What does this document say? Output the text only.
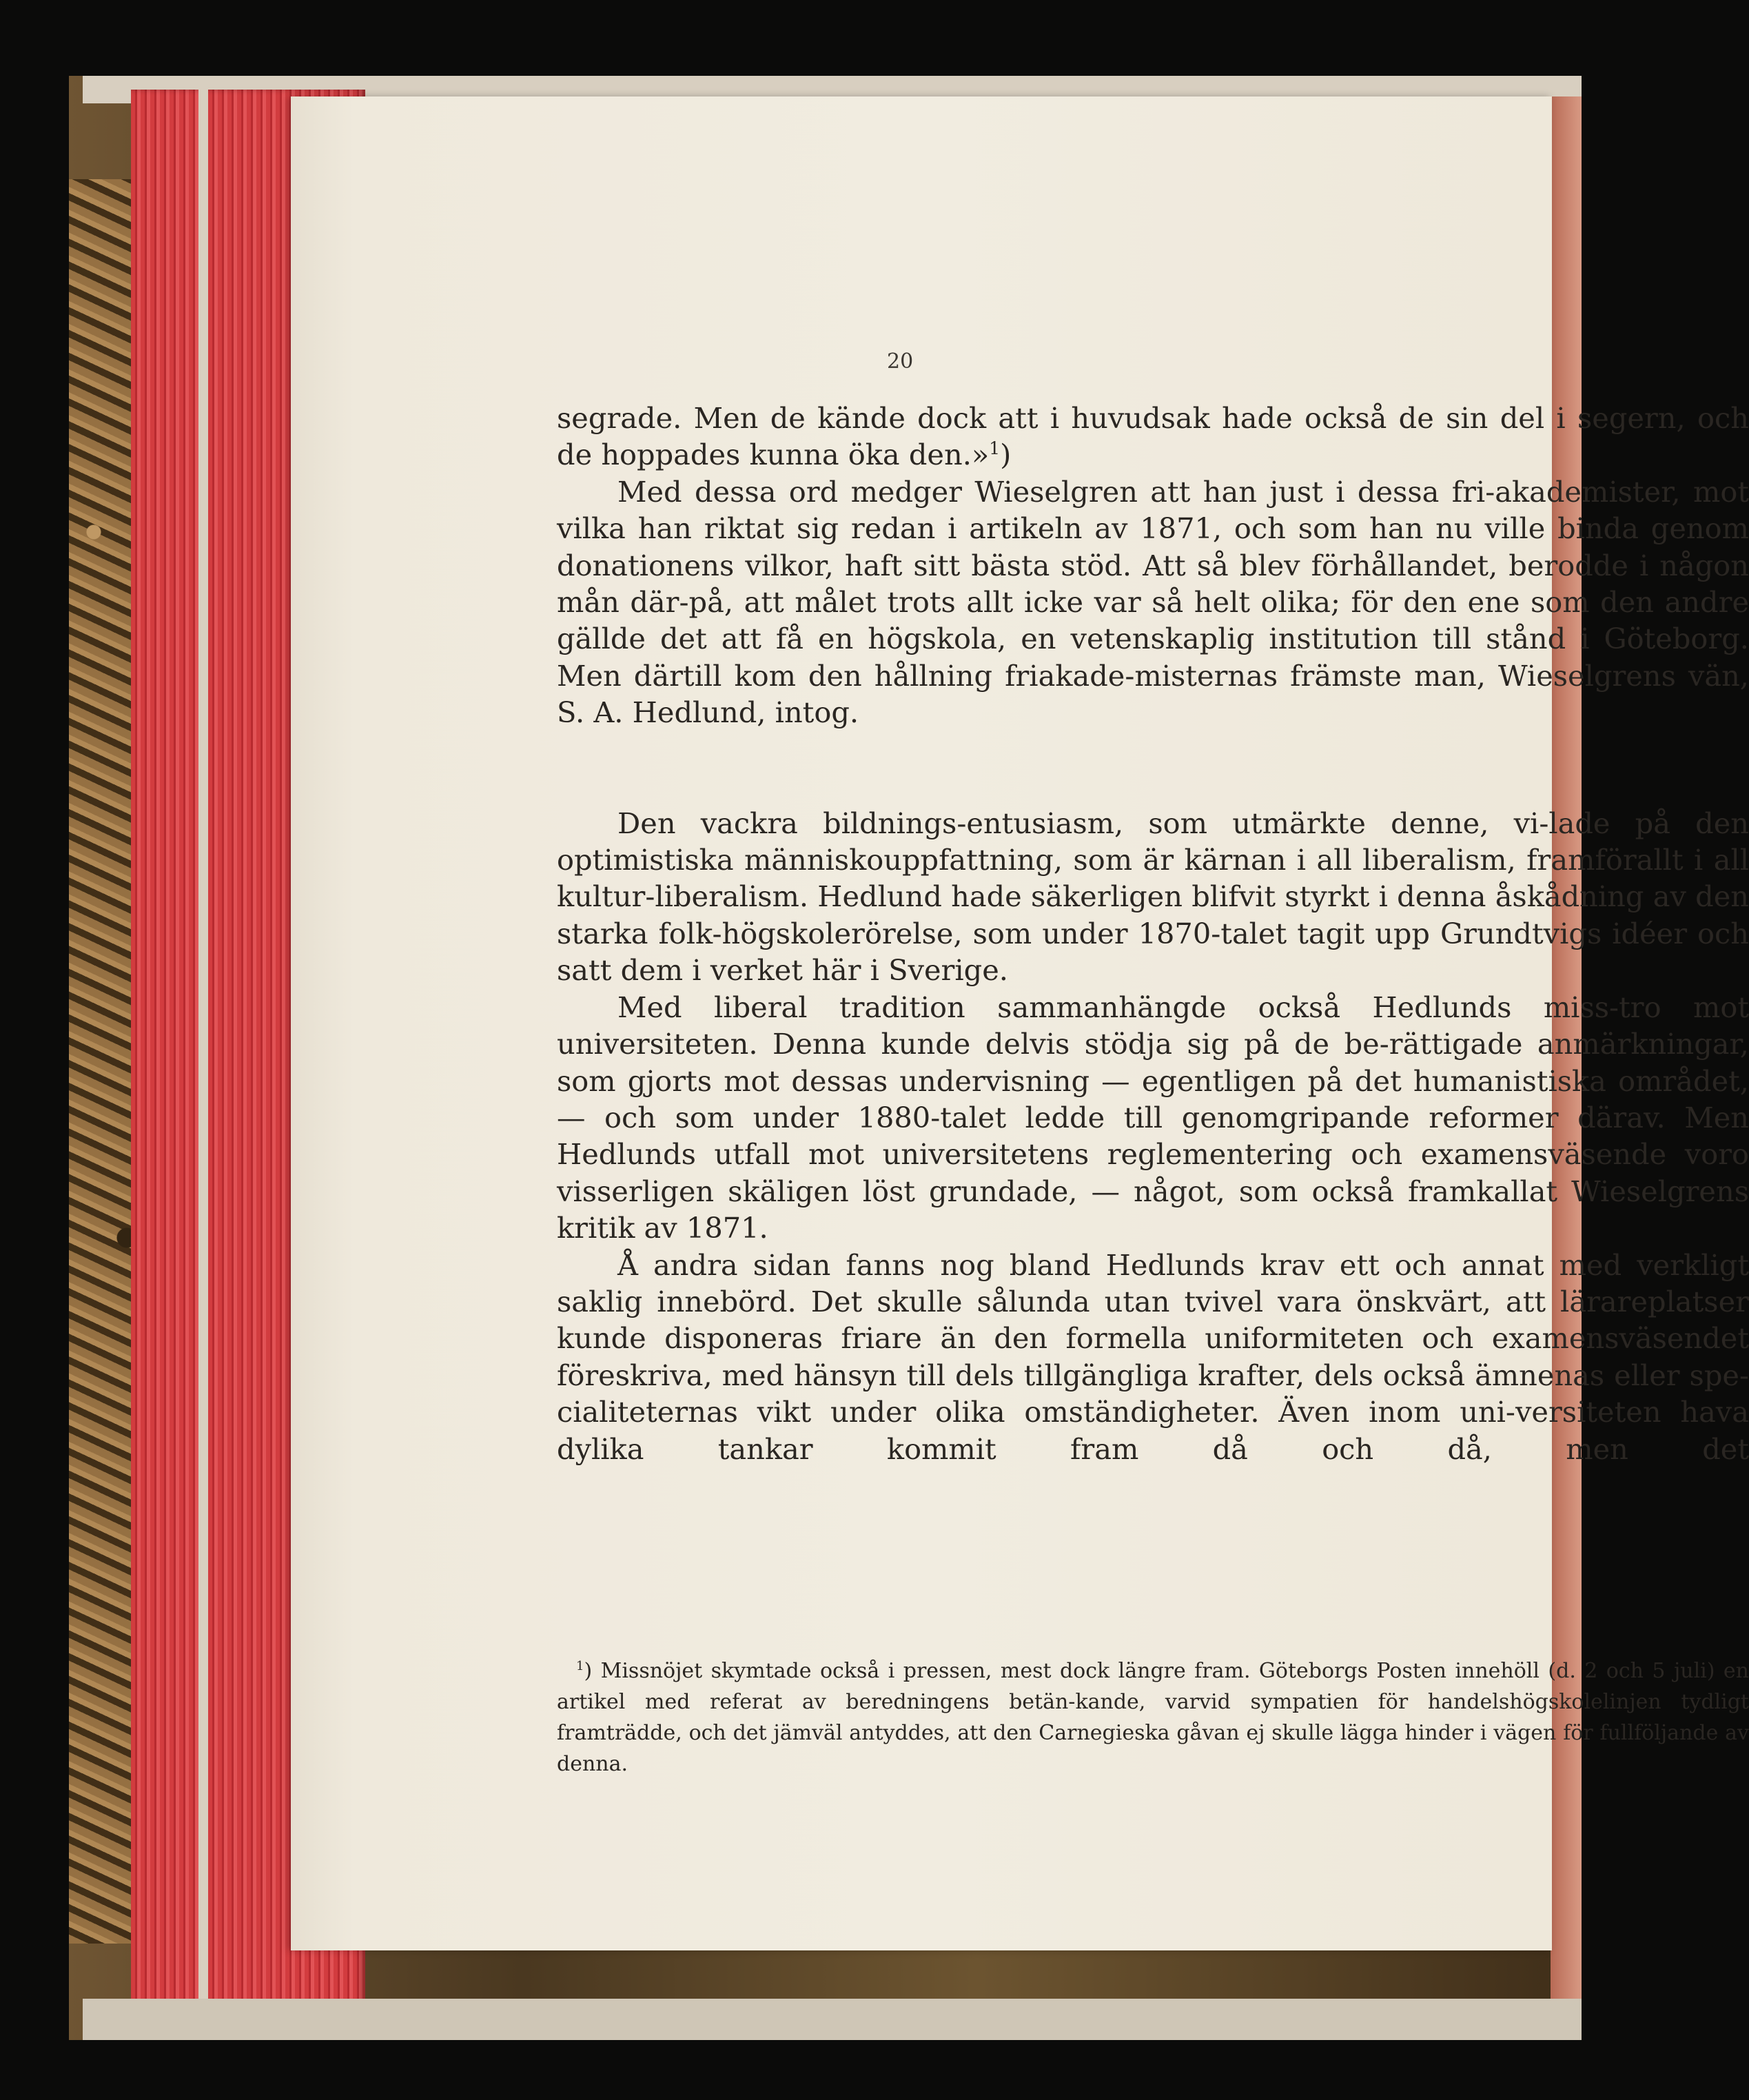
20

segrade. Men de kände dock att i huvudsak hade också de sin del i segern, och de hoppades kunna öka den.»$^1$)

Med dessa ord medger Wieselgren att han just i dessa fri-akademister, mot vilka han riktat sig redan i artikeln av 1871, och som han nu ville binda genom donationens vilkor, haft sitt bästa stöd. Att så blev förhållandet, berodde i någon mån där-på, att målet trots allt icke var så helt olika; för den ene som den andre gällde det att få en högskola, en vetenskaplig institution till stånd i Göteborg. Men därtill kom den hållning friakade-misternas främste man, Wieselgrens vän, S. A. Hedlund, intog.

Den vackra bildnings-entusiasm, som utmärkte denne, vi-lade på den optimistiska människouppfattning, som är kärnan i all liberalism, framförallt i all kultur-liberalism. Hedlund hade säkerligen blifvit styrkt i denna åskådning av den starka folk-högskolerörelse, som under 1870-talet tagit upp Grundtvigs idéer och satt dem i verket här i Sverige.

Med liberal tradition sammanhängde också Hedlunds miss-tro mot universiteten. Denna kunde delvis stödja sig på de be-rättigade anmärkningar, som gjorts mot dessas undervisning — egentligen på det humanistiska området, — och som under 1880-talet ledde till genomgripande reformer därav. Men Hedlunds utfall mot universitetens reglementering och examensväsende voro visserligen skäligen löst grundade, — något, som också framkallat Wieselgrens kritik av 1871.

Å andra sidan fanns nog bland Hedlunds krav ett och annat med verkligt saklig innebörd. Det skulle sålunda utan tvivel vara önskvärt, att lärareplatser kunde disponeras friare än den formella uniformiteten och examensväsendet föreskriva, med hänsyn till dels tillgängliga krafter, dels också ämnenas eller spe-cialiteternas vikt under olika omständigheter. Även inom uni-versiteten hava dylika tankar kommit fram då och då, men det

$^1$) Missnöjet skymtade också i pressen, mest dock längre fram. Göteborgs Posten innehöll (d. 2 och 5 juli) en artikel med referat av beredningens betän-kande, varvid sympatien för handelshögskolelinjen tydligt framträdde, och det jämväl antyddes, att den Carnegieska gåvan ej skulle lägga hinder i vägen för fullföljande av denna.
